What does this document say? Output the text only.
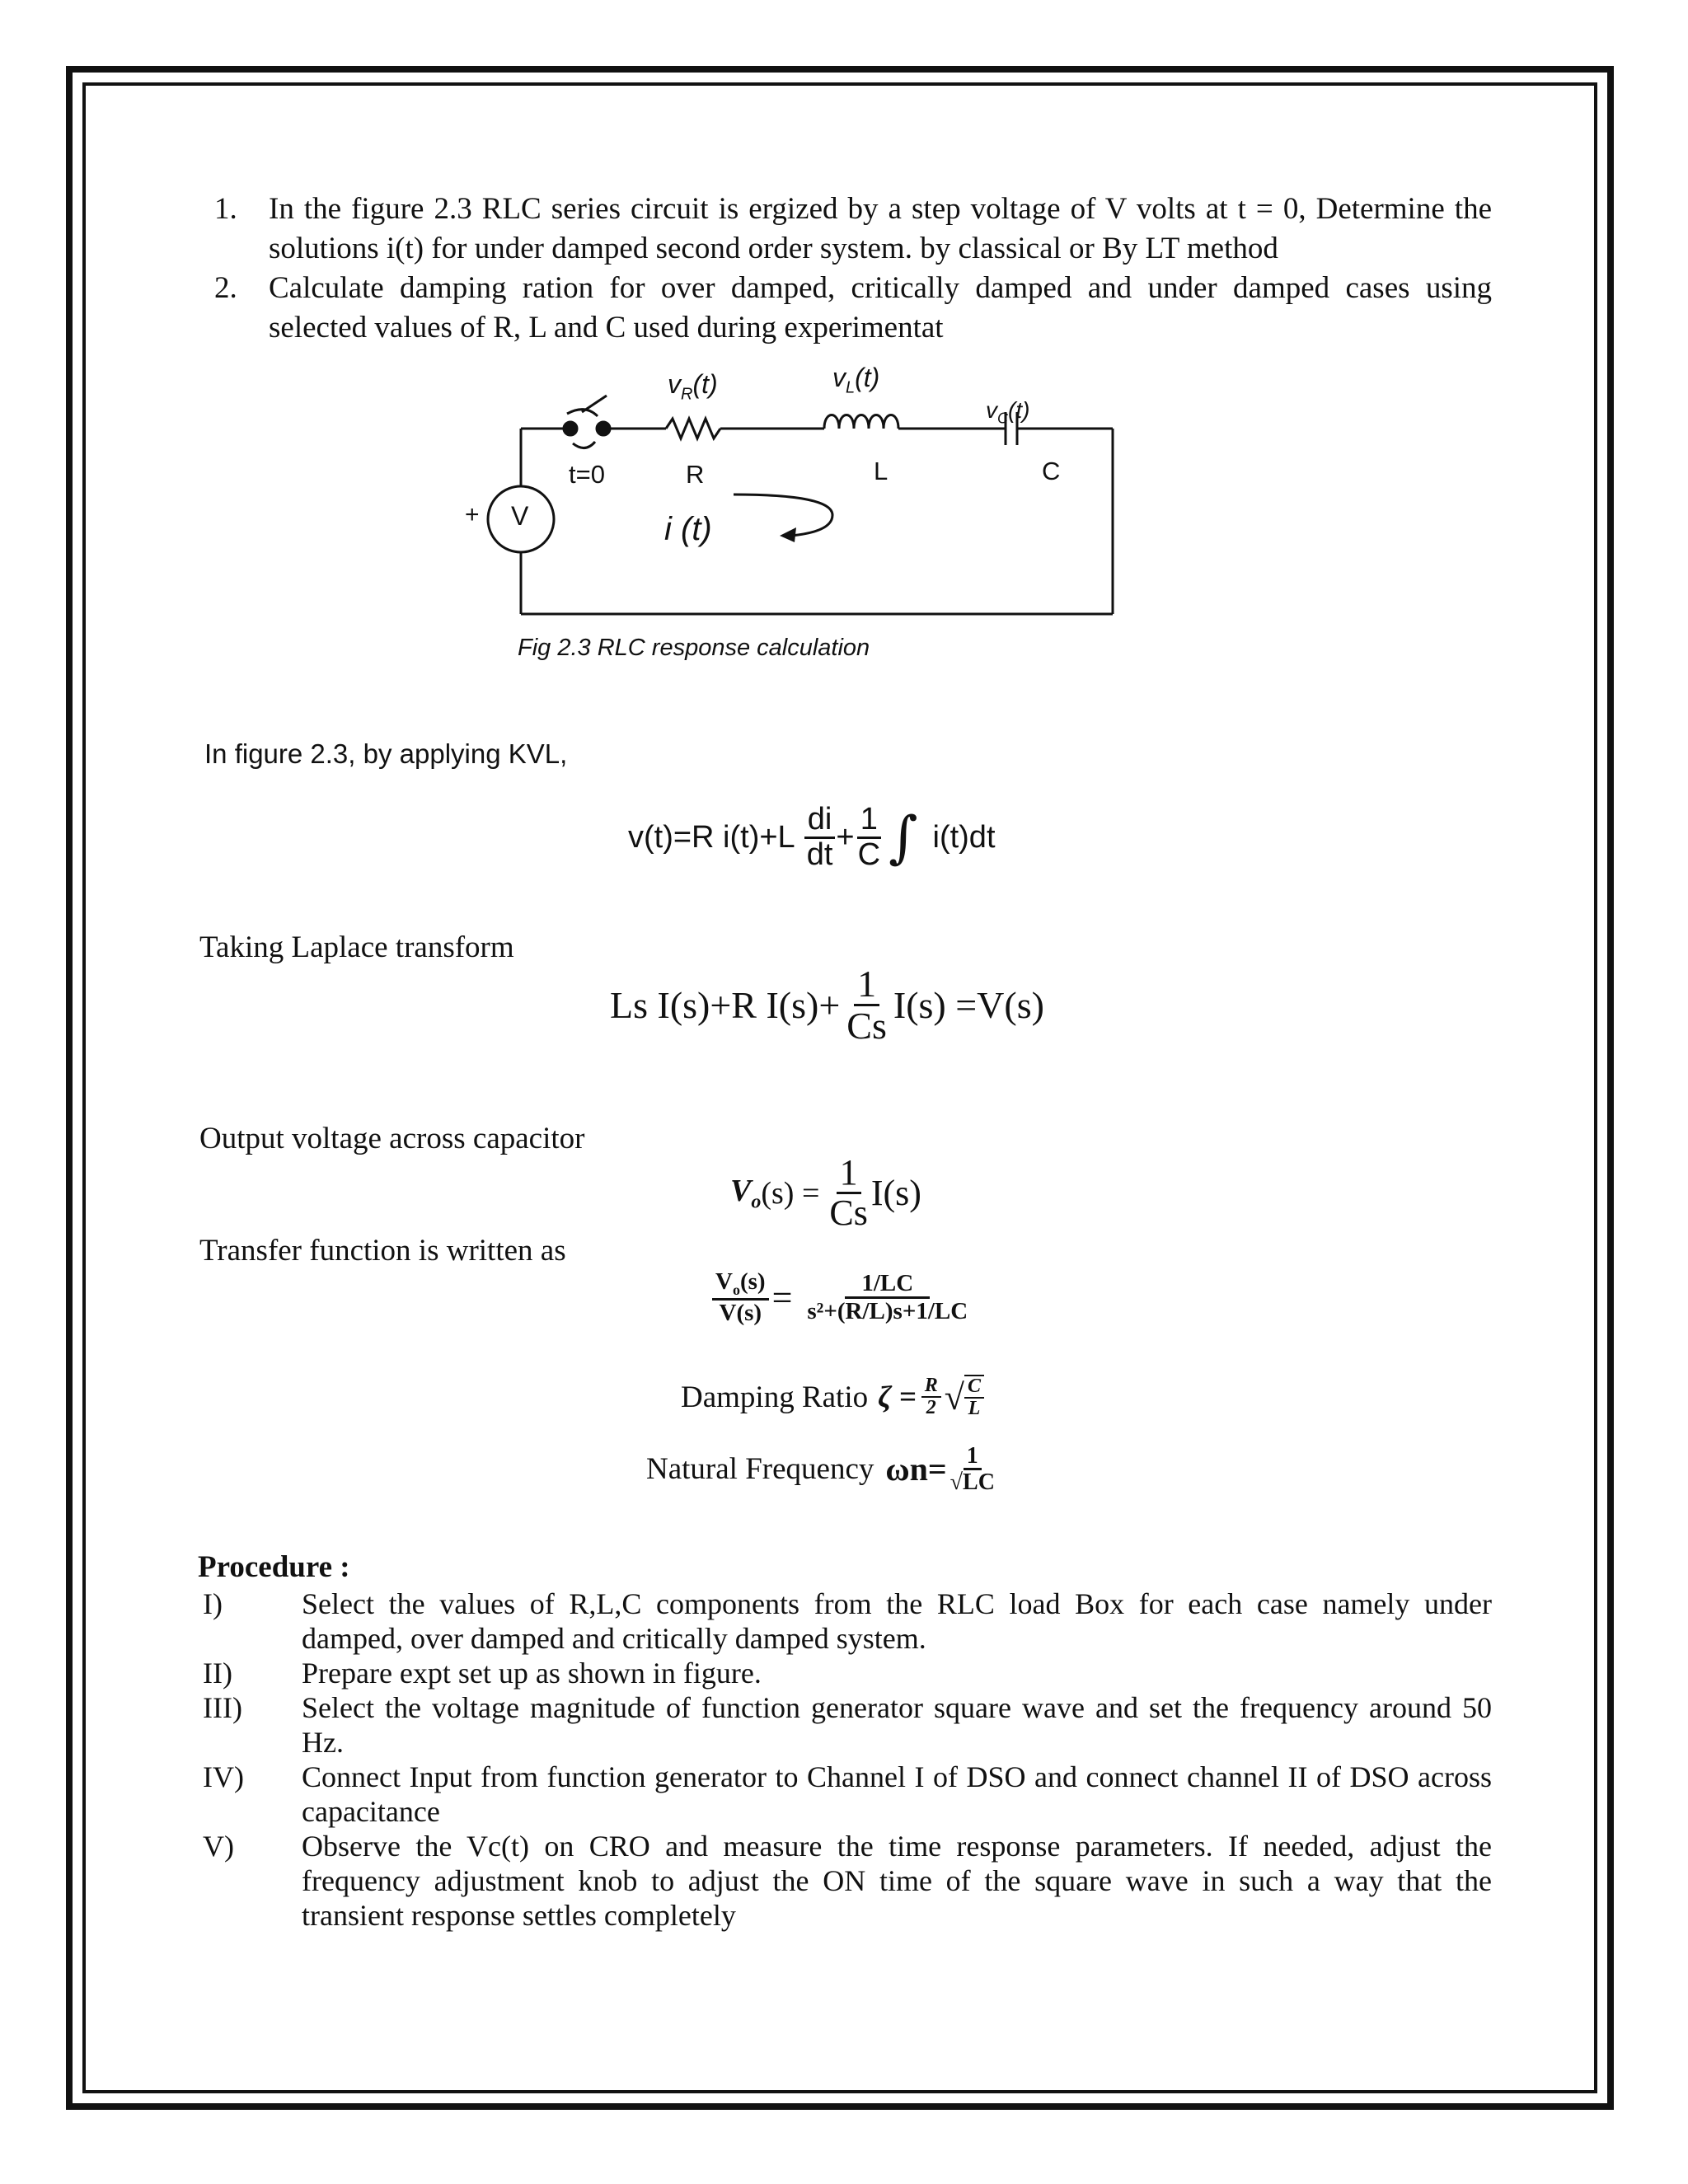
1. In the figure 2.3 RLC series circuit is ergized by a step voltage of V volts at t = 0, Determine the solutions i(t) for under damped second order system. by classical or By LT method
2. Calculate damping ration for over damped, critically damped and under damped cases using selected values of R, L and C used during experimentat
$v_R(t)$	$v_L(t)$
$v_C(t)$
t=0	R	L	C
V
+	i (t)
Fig 2.3 RLC response calculation
In figure 2.3, by applying KVL,
v(t)=R $i(t)+L \frac{di}{dt} + \frac{1}{C}$ ∫ i(t)dt
Taking Laplace transform
Ls I(s)+R $I(s)+ \frac{1}{Cs} I(s) =V(s)$
Output voltage across capacitor
$V_o$ $(s) = \frac{1}{Cs} I(s)$
Transfer function is written as
$\frac{V_o(s)}{V(s)} = \frac{1/LC}{\text{s²+(R/L)s+1/LC}}$
Damping Ratio $\zeta = \frac{R}{2}$ √ $\frac{C}{L}$
Natural Frequency $\omega n= \frac{1}{√LC}$
Procedure :
I)	Select the values of R,L,C components from the RLC load Box for each case namely under damped, over damped and critically damped system.
II) Prepare expt set up as shown in figure.
III) Select the voltage magnitude of function generator square wave and set the frequency around 50 Hz.
IV) Connect Input from function generator to Channel I of DSO and connect channel II of DSO across capacitance
V) Observe the Vc(t) on CRO and measure the time response parameters. If needed, adjust the frequency adjustment knob to adjust the ON time of the square wave in such a way that the transient response settles completely
